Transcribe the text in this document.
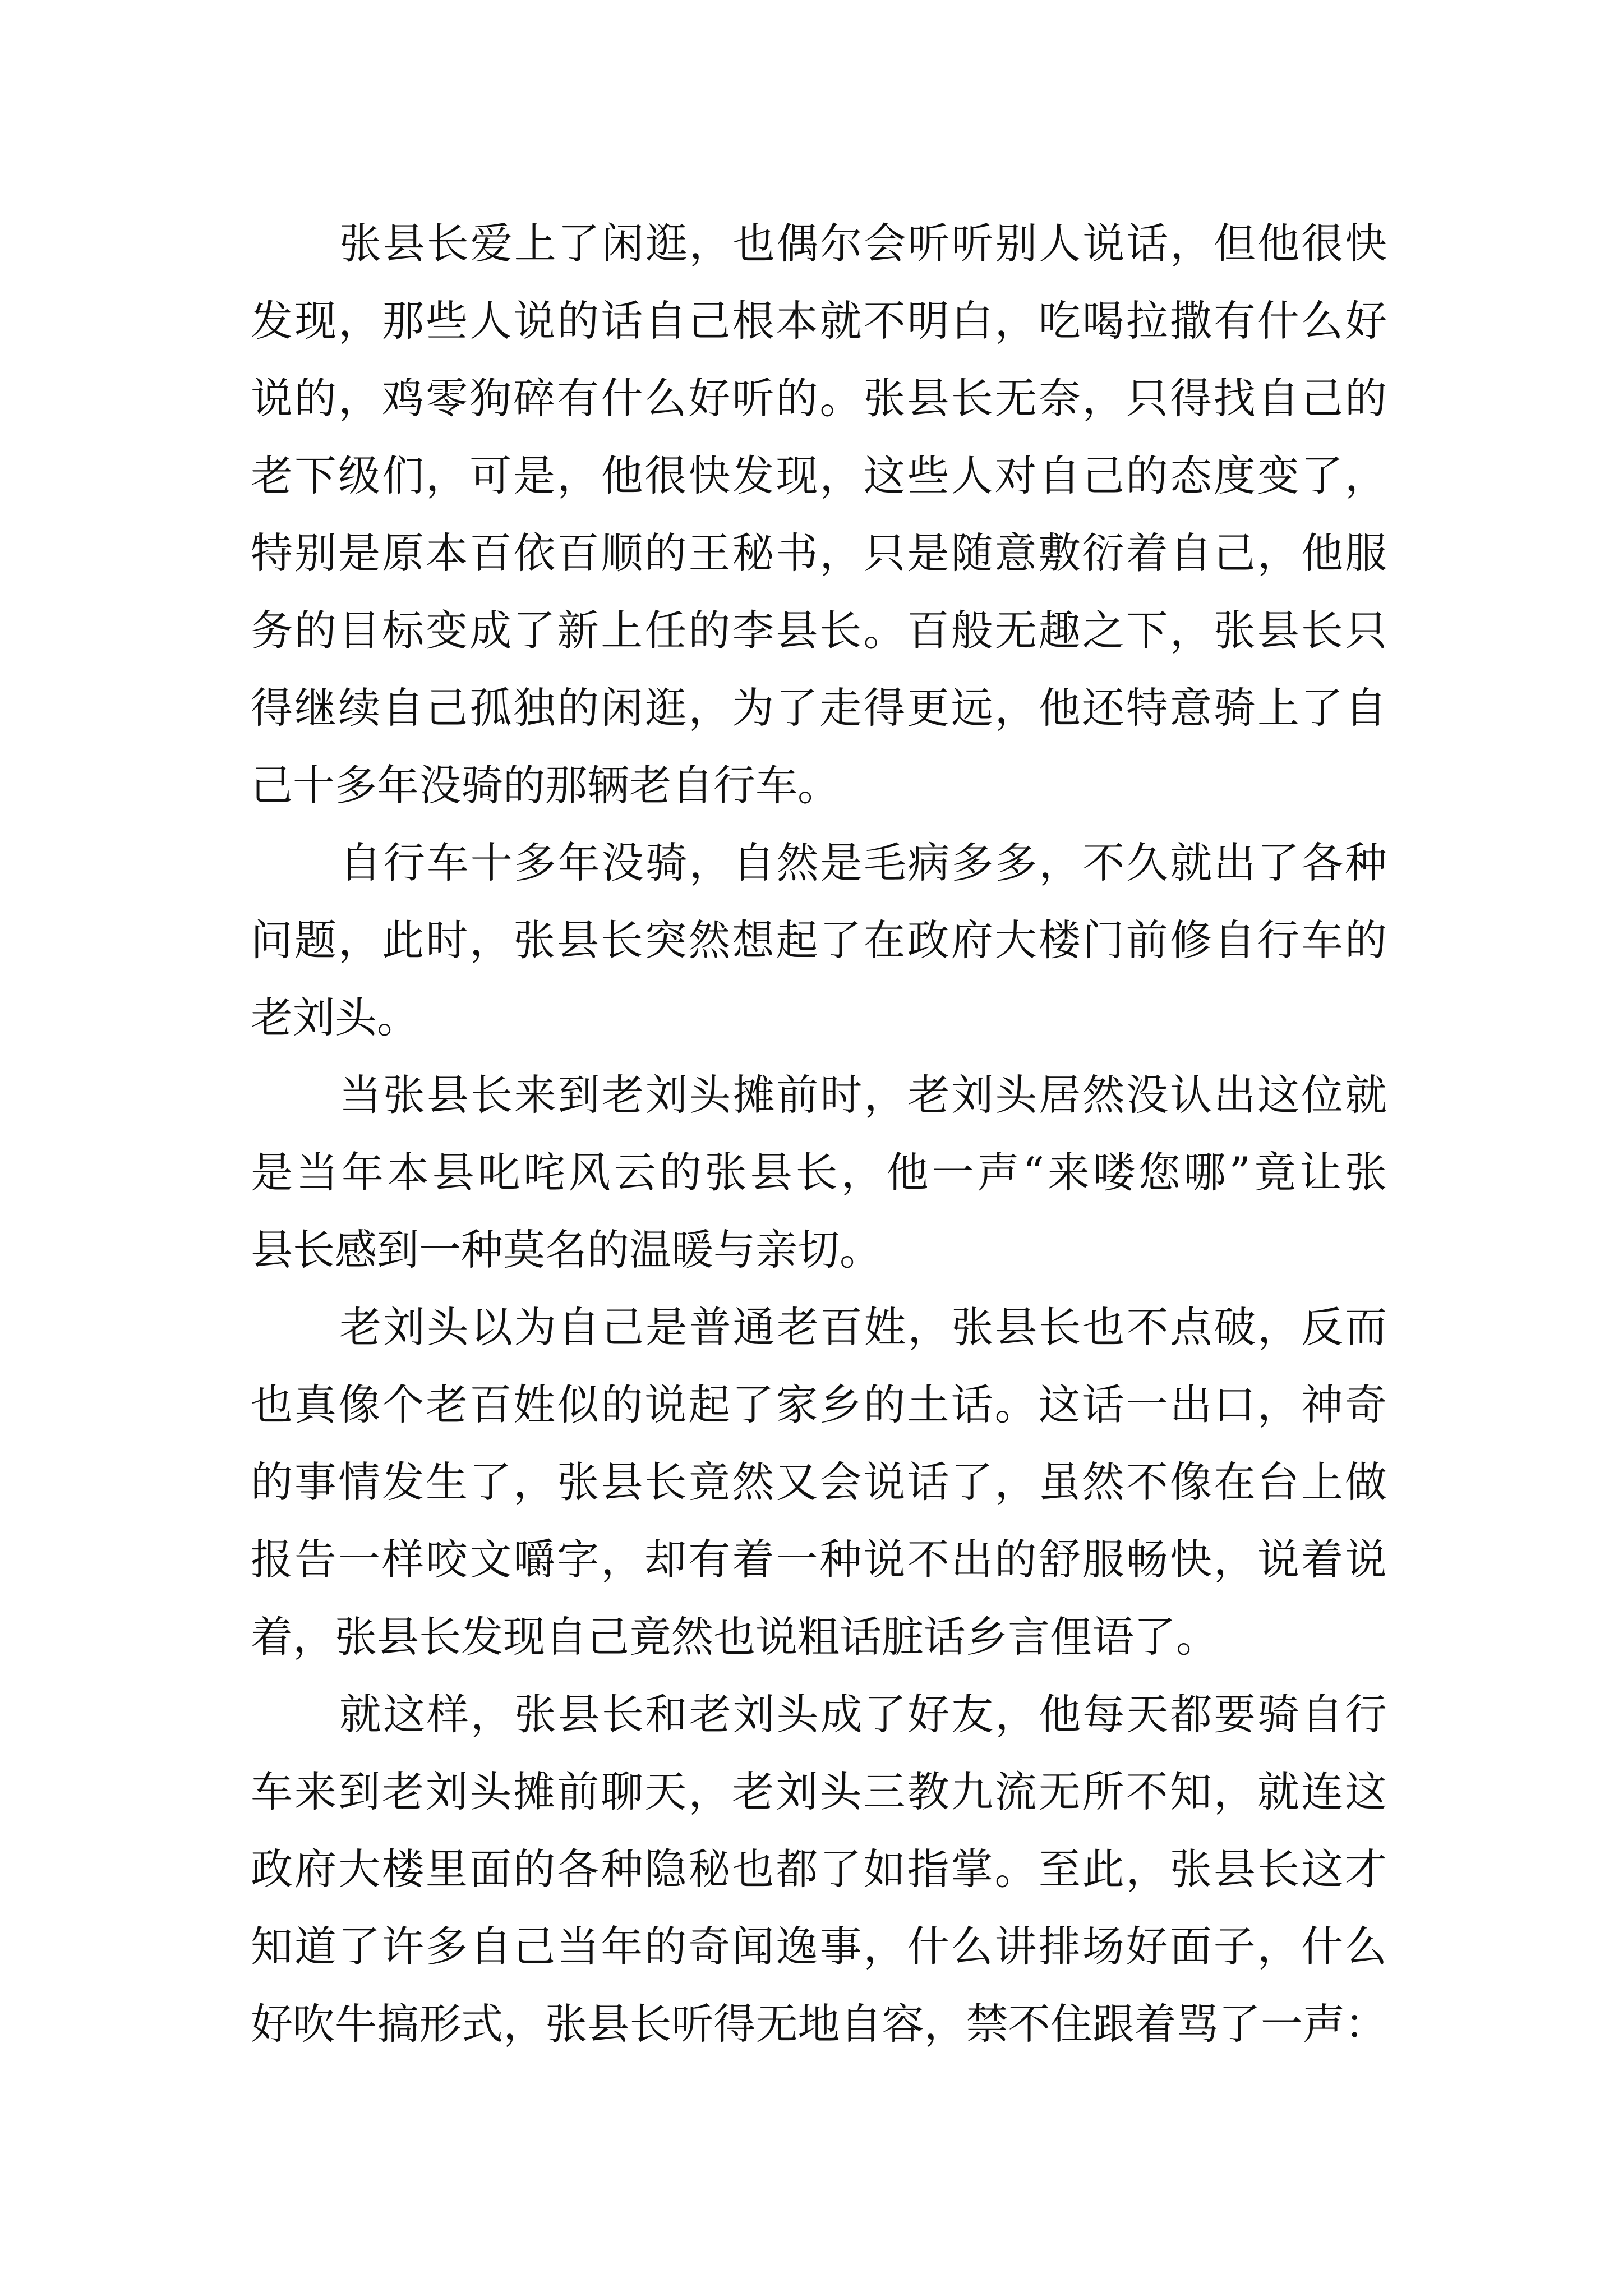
张县长爱上了闲逛，也偶尔会听听别人说话，但他很快
发现，那些人说的话自己根本就不明白，吃喝拉撒有什么好
说的，鸡零狗碎有什么好听的。张县长无奈，只得找自己的
老下级们，可是，他很快发现，这些人对自己的态度变了，
特别是原本百依百顺的王秘书，只是随意敷衍着自己，他服
务的目标变成了新上任的李县长。百般无趣之下，张县长只
得继续自己孤独的闲逛，为了走得更远，他还特意骑上了自
己十多年没骑的那辆老自行车。
自行车十多年没骑，自然是毛病多多，不久就出了各种
问题，此时，张县长突然想起了在政府大楼门前修自行车的
老刘头。
当张县长来到老刘头摊前时，老刘头居然没认出这位就
是当年本县叱咤风云的张县长，他一声“来喽您哪”竟让张
县长感到一种莫名的温暖与亲切。
老刘头以为自己是普通老百姓，张县长也不点破，反而
也真像个老百姓似的说起了家乡的土话。这话一出口，神奇
的事情发生了，张县长竟然又会说话了，虽然不像在台上做
报告一样咬文嚼字，却有着一种说不出的舒服畅快，说着说
着，张县长发现自己竟然也说粗话脏话乡言俚语了。
就这样，张县长和老刘头成了好友，他每天都要骑自行
车来到老刘头摊前聊天，老刘头三教九流无所不知，就连这
政府大楼里面的各种隐秘也都了如指掌。至此，张县长这才
知道了许多自己当年的奇闻逸事，什么讲排场好面子，什么
好吹牛搞形式，张县长听得无地自容，禁不住跟着骂了一声：
